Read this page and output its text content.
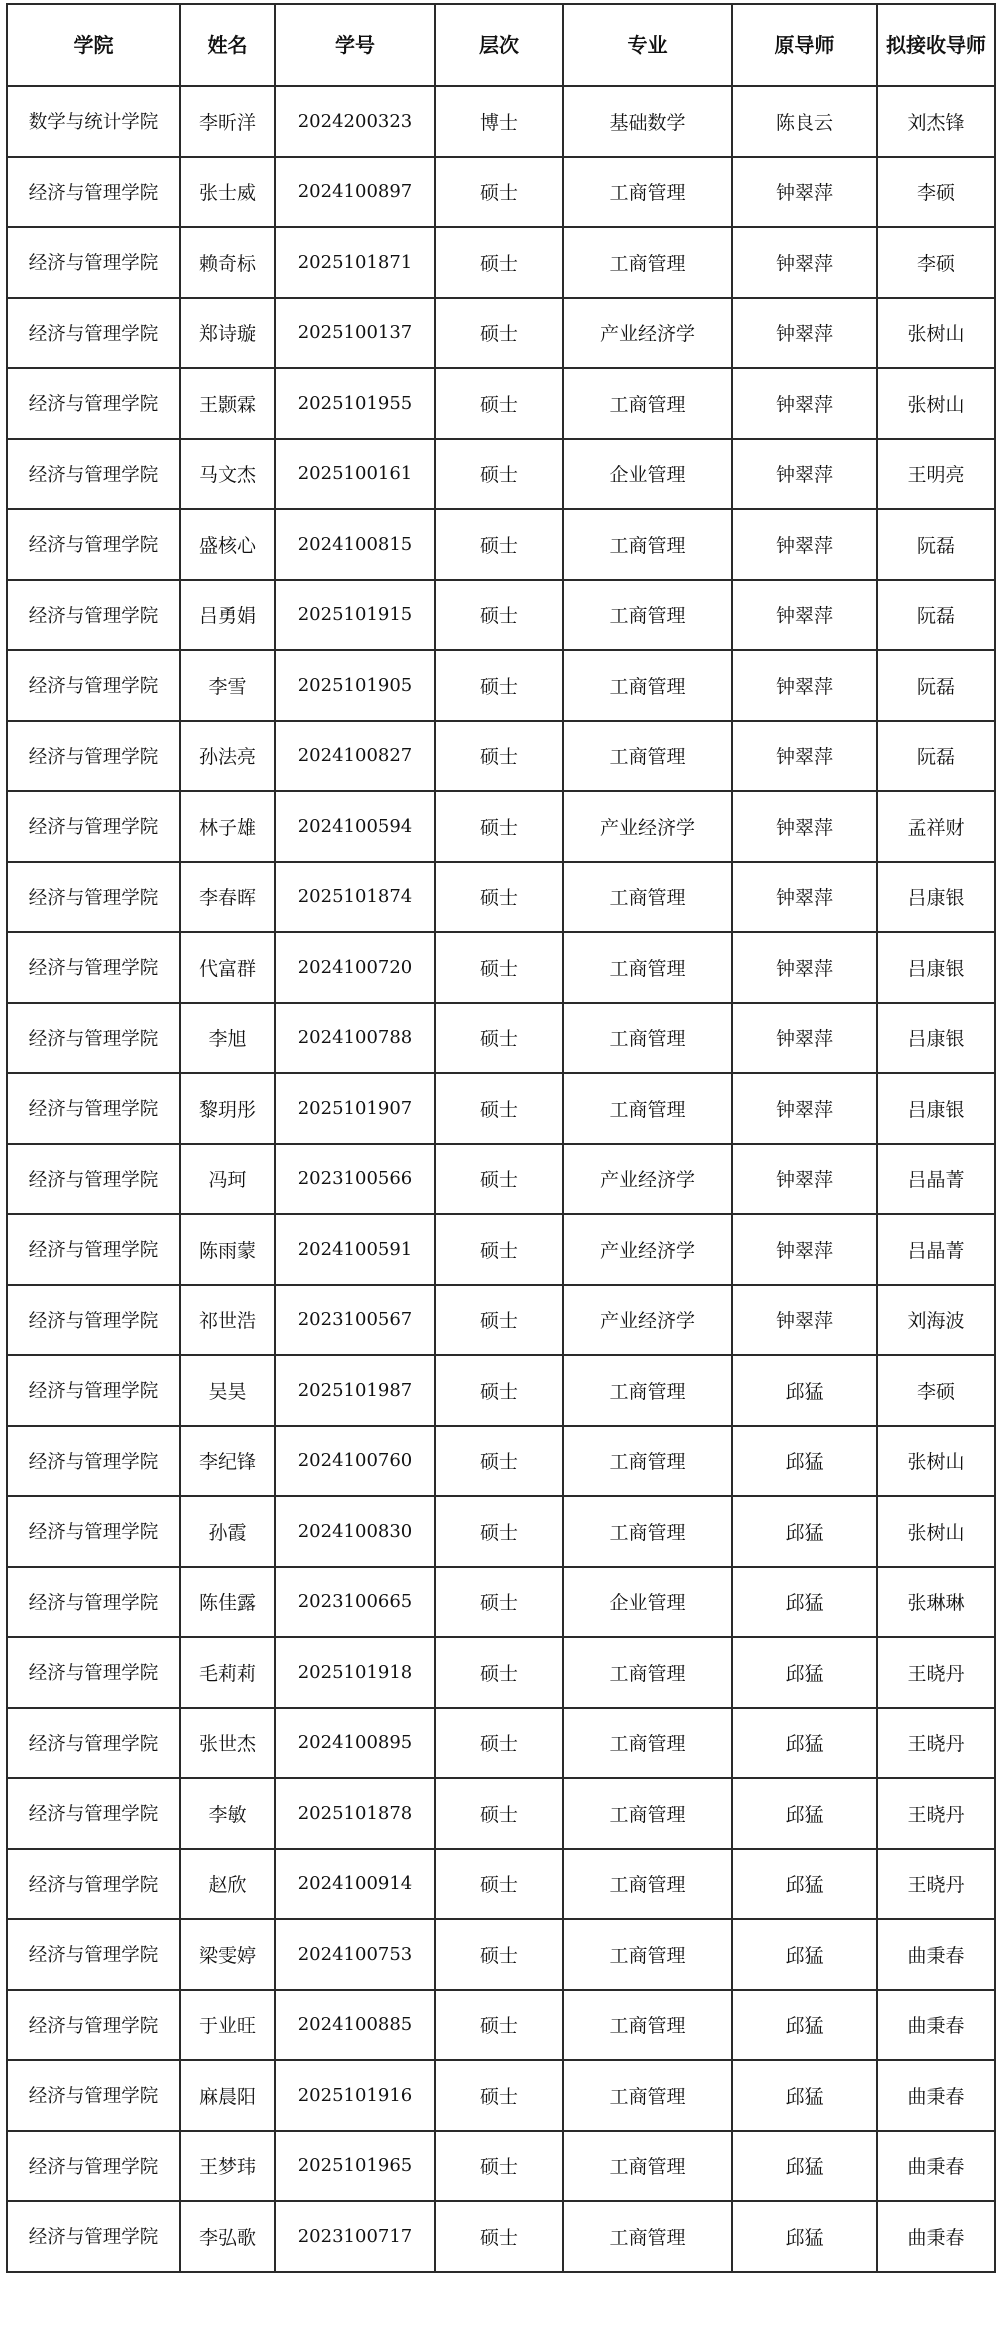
学院	姓名	学号	层次	专业	原导师	拟接收导师
数学与统计学院	李昕洋	2024200323	博士	基础数学	陈良云	刘杰锋
经济与管理学院	张士威	2024100897	硕士	工商管理	钟翠萍	李硕
经济与管理学院	赖奇标	2025101871	硕士	工商管理	钟翠萍	李硕
经济与管理学院	郑诗璇	2025100137	硕士	产业经济学	钟翠萍	张树山
经济与管理学院	王颢霖	2025101955	硕士	工商管理	钟翠萍	张树山
经济与管理学院	马文杰	2025100161	硕士	企业管理	钟翠萍	王明亮
经济与管理学院	盛核心	2024100815	硕士	工商管理	钟翠萍	阮磊
经济与管理学院	吕勇娟	2025101915	硕士	工商管理	钟翠萍	阮磊
经济与管理学院	李雪	2025101905	硕士	工商管理	钟翠萍	阮磊
经济与管理学院	孙法亮	2024100827	硕士	工商管理	钟翠萍	阮磊
经济与管理学院	林子雄	2024100594	硕士	产业经济学	钟翠萍	孟祥财
经济与管理学院	李春晖	2025101874	硕士	工商管理	钟翠萍	吕康银
经济与管理学院	代富群	2024100720	硕士	工商管理	钟翠萍	吕康银
经济与管理学院	李旭	2024100788	硕士	工商管理	钟翠萍	吕康银
经济与管理学院	黎玥彤	2025101907	硕士	工商管理	钟翠萍	吕康银
经济与管理学院	冯珂	2023100566	硕士	产业经济学	钟翠萍	吕晶菁
经济与管理学院	陈雨蒙	2024100591	硕士	产业经济学	钟翠萍	吕晶菁
经济与管理学院	祁世浩	2023100567	硕士	产业经济学	钟翠萍	刘海波
经济与管理学院	吴昊	2025101987	硕士	工商管理	邱猛	李硕
经济与管理学院	李纪锋	2024100760	硕士	工商管理	邱猛	张树山
经济与管理学院	孙霞	2024100830	硕士	工商管理	邱猛	张树山
经济与管理学院	陈佳露	2023100665	硕士	企业管理	邱猛	张琳琳
经济与管理学院	毛莉莉	2025101918	硕士	工商管理	邱猛	王晓丹
经济与管理学院	张世杰	2024100895	硕士	工商管理	邱猛	王晓丹
经济与管理学院	李敏	2025101878	硕士	工商管理	邱猛	王晓丹
经济与管理学院	赵欣	2024100914	硕士	工商管理	邱猛	王晓丹
经济与管理学院	梁雯婷	2024100753	硕士	工商管理	邱猛	曲秉春
经济与管理学院	于业旺	2024100885	硕士	工商管理	邱猛	曲秉春
经济与管理学院	麻晨阳	2025101916	硕士	工商管理	邱猛	曲秉春
经济与管理学院	王梦玮	2025101965	硕士	工商管理	邱猛	曲秉春
经济与管理学院	李弘歌	2023100717	硕士	工商管理	邱猛	曲秉春
